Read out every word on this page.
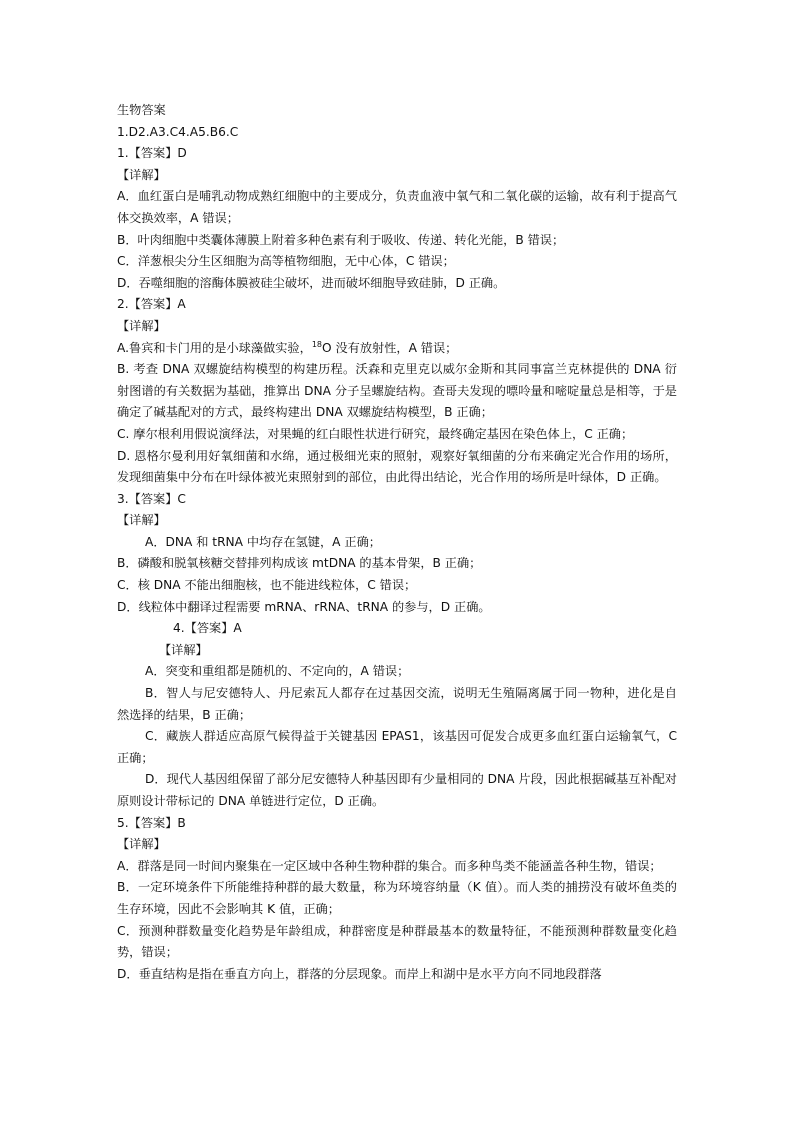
生物答案

1.D2.A3.C4.A5.B6.C

1.【答案】D

【详解】

A．血红蛋白是哺乳动物成熟红细胞中的主要成分，负责血液中氧气和二氧化碳的运输，故有利于提高气体交换效率，A 错误；

B．叶肉细胞中类囊体薄膜上附着多种色素有利于吸收、传递、转化光能，B 错误；

C．洋葱根尖分生区细胞为高等植物细胞，无中心体，C 错误；

D．吞噬细胞的溶酶体膜被硅尘破坏，进而破坏细胞导致硅肺，D 正确。

2.【答案】A

【详解】

A.鲁宾和卡门用的是小球藻做实验，$^{18}$O 没有放射性，A 错误；

B. 考查 DNA 双螺旋结构模型的构建历程。沃森和克里克以威尔金斯和其同事富兰克林提供的 DNA 衍射图谱的有关数据为基础，推算出 DNA 分子呈螺旋结构。查哥夫发现的嘌呤量和嘧啶量总是相等，于是确定了碱基配对的方式，最终构建出 DNA 双螺旋结构模型，B 正确；

C. 摩尔根利用假说演绎法，对果蝇的红白眼性状进行研究，最终确定基因在染色体上，C 正确；

D. 恩格尔曼利用好氧细菌和水绵，通过极细光束的照射，观察好氧细菌的分布来确定光合作用的场所，发现细菌集中分布在叶绿体被光束照射到的部位，由此得出结论，光合作用的场所是叶绿体，D 正确。

3.【答案】C

【详解】

A．DNA 和 tRNA 中均存在氢键，A 正确；

B．磷酸和脱氧核糖交替排列构成该 mtDNA 的基本骨架，B 正确；

C．核 DNA 不能出细胞核，也不能进线粒体，C 错误；

D．线粒体中翻译过程需要 mRNA、rRNA、tRNA 的参与，D 正确。

4.【答案】A

【详解】

A．突变和重组都是随机的、不定向的，A 错误；

B．智人与尼安德特人、丹尼索瓦人都存在过基因交流，说明无生殖隔离属于同一物种，进化是自然选择的结果，B 正确；

C．藏族人群适应高原气候得益于关键基因 EPAS1，该基因可促发合成更多血红蛋白运输氧气，C 正确；

D．现代人基因组保留了部分尼安德特人种基因即有少量相同的 DNA 片段，因此根据碱基互补配对原则设计带标记的 DNA 单链进行定位，D 正确。

5.【答案】B

【详解】

A．群落是同一时间内聚集在一定区域中各种生物种群的集合。而多种鸟类不能涵盖各种生物，错误；

B．一定环境条件下所能维持种群的最大数量，称为环境容纳量（K 值）。而人类的捕捞没有破坏鱼类的生存环境，因此不会影响其 K 值，正确；

C．预测种群数量变化趋势是年龄组成，种群密度是种群最基本的数量特征，不能预测种群数量变化趋势，错误；

D．垂直结构是指在垂直方向上，群落的分层现象。而岸上和湖中是水平方向不同地段群落
